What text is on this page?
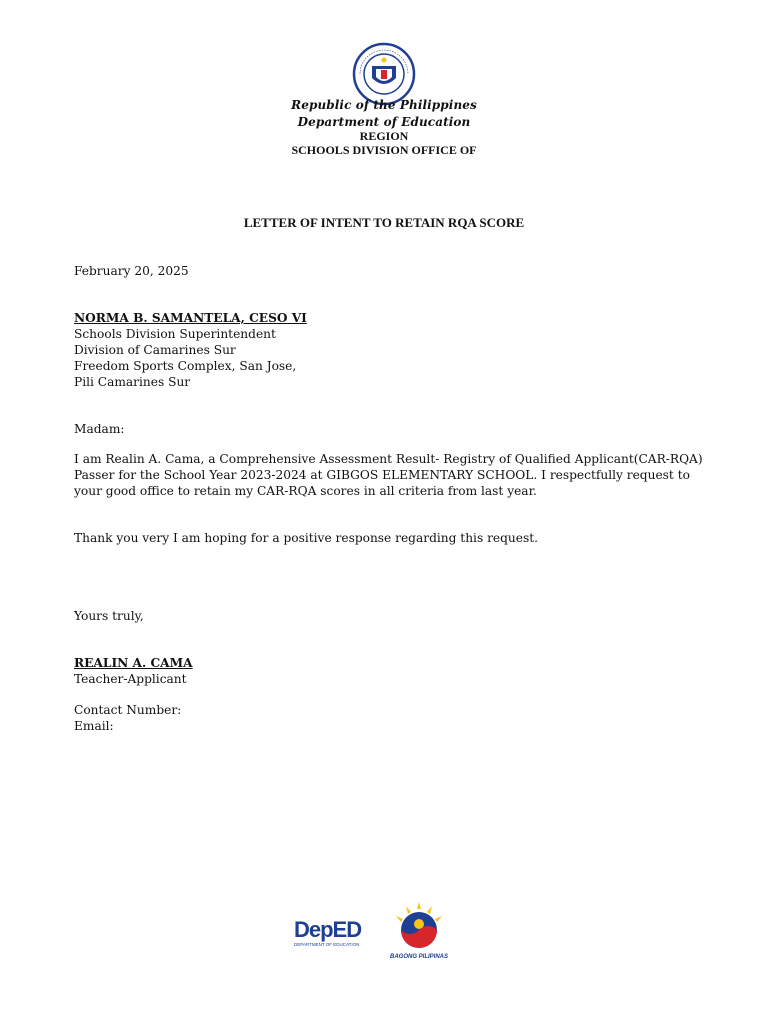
Republic of the Philippines
Department of Education
REGION
SCHOOLS DIVISION OFFICE OF
LETTER OF INTENT TO RETAIN RQA SCORE
February 20, 2025
NORMA B. SAMANTELA, CESO VI
Schools Division Superintendent
Division of Camarines Sur
Freedom Sports Complex, San Jose,
Pili Camarines Sur
Madam:
I am Realin A. Cama, a Comprehensive Assessment Result- Registry of Qualified Applicant(CAR-RQA)
Passer for the School Year 2023-2024 at GIBGOS ELEMENTARY SCHOOL. I respectfully request to
your good office to retain my CAR-RQA scores in all criteria from last year.
Thank you very I am hoping for a positive response regarding this request.
Yours truly,
REALIN A. CAMA
Teacher-Applicant
Contact Number:
Email:
DepED
DEPARTMENT OF EDUCATION
BAGONG PILIPINAS
